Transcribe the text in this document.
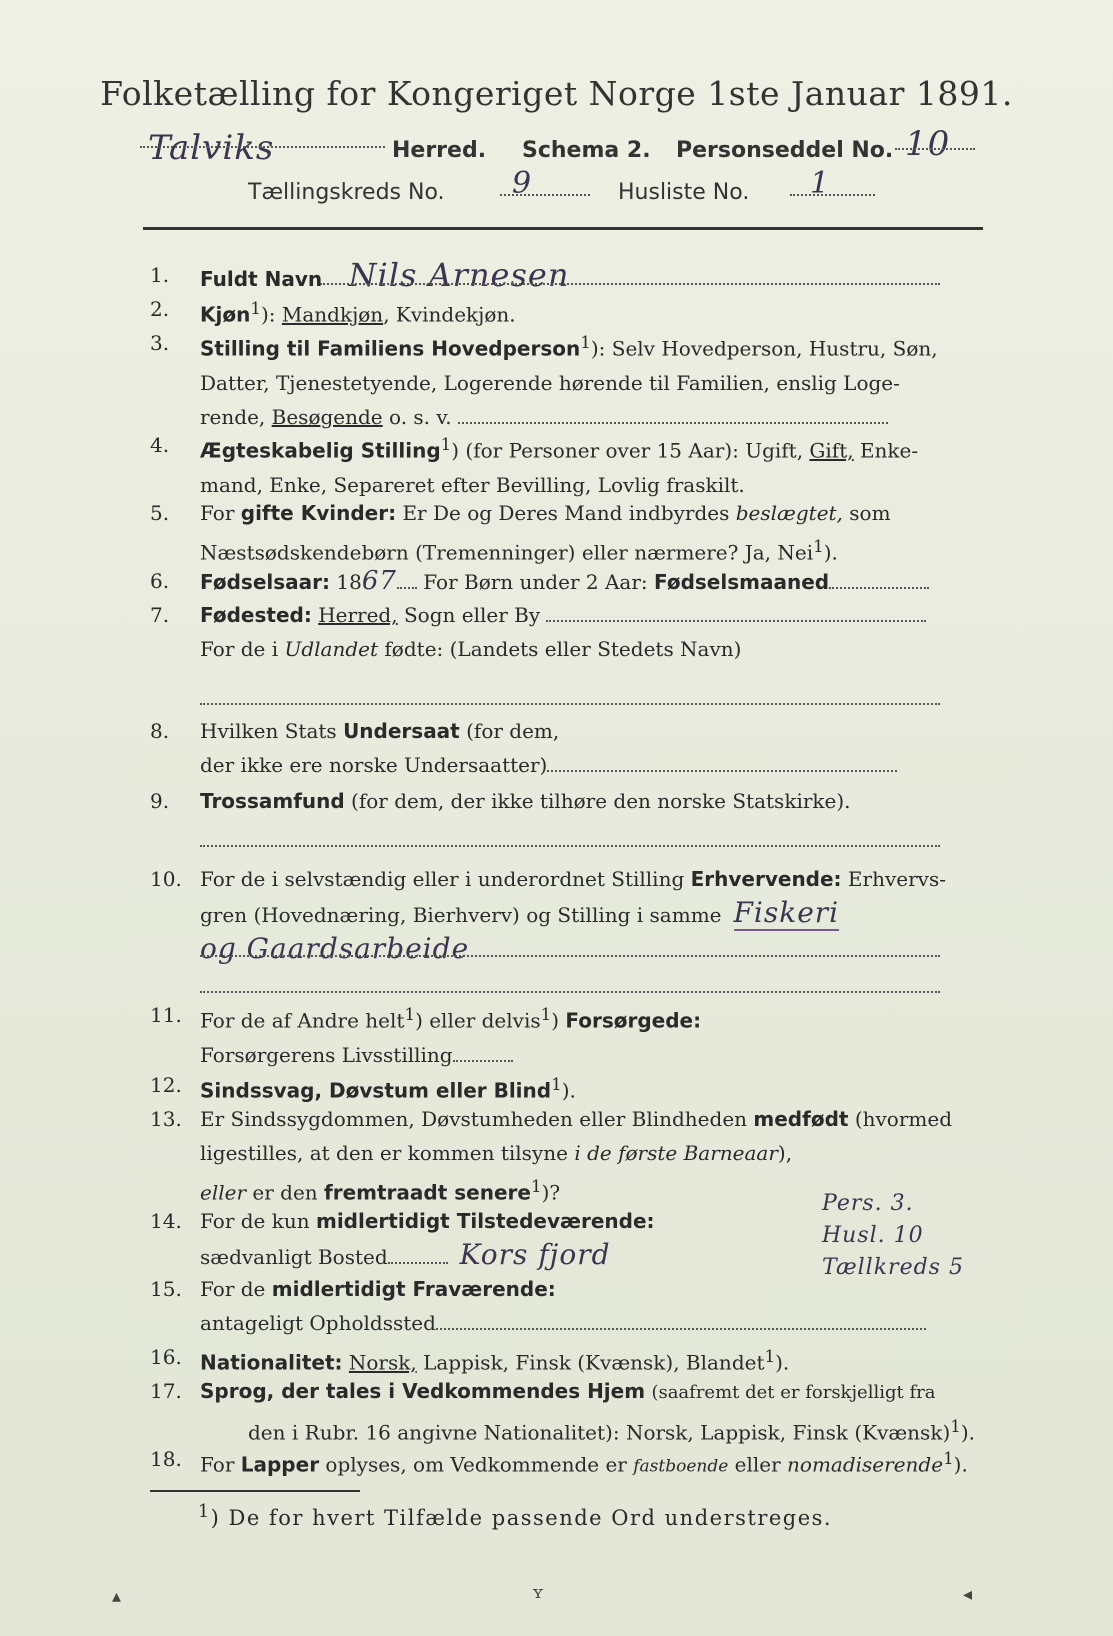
Folketælling for Kongeriget Norge 1ste Januar 1891.
Talviks	Herred. Schema 2. Personseddel No. 10
Tællingskreds No. 9	Husliste No. 1
1.	Fuldt Navn Nils Arnesen
2.	Kjøn$^1$): Mandkjøn, Kvindekjøn.
3.	Stilling til Familiens Hovedperson$^1$): Selv Hovedperson, Hustru, Søn,
Datter, Tjenestetyende, Logerende hørende til Familien, enslig Loge-
rende, Besøgende o. s. v.
4.	Ægteskabelig Stilling$^1$) (for Personer over 15 Aar): Ugift, Gift, Enke-
mand, Enke, Separeret efter Bevilling, Lovlig fraskilt.
5.	For gifte Kvinder: Er De og Deres Mand indbyrdes beslægtet, som
Næstsødskendebørn (Tremenninger) eller nærmere? Ja, Nei$^1$).
6.	Fødselsaar: 1867 For Børn under 2 Aar: Fødselsmaaned
7.	Fødested: Herred, Sogn eller By
For de i Udlandet fødte: (Landets eller Stedets Navn)
8.	Hvilken Stats Undersaat (for dem,
der ikke ere norske Undersaatter)
9.	Trossamfund (for dem, der ikke tilhøre den norske Statskirke).
10. For de i selvstændig eller i underordnet Stilling Erhvervende: Erhvervs-
gren (Hovednæring, Bierhverv) og Stilling i samme Fiskeri
og Gaardsarbeide
11. For de af Andre helt$^1$) eller delvis$^1$) Forsørgede:
Forsørgerens Livsstilling
12. Sindssvag, Døvstum eller Blind$^1$).
13. Er Sindssygdommen, Døvstumheden eller Blindheden medfødt (hvormed
ligestilles, at den er kommen tilsyne i de første Barneaar),
eller er den fremtraadt senere$^1$)?
14. For de kun midlertidigt Tilstedeværende:
sædvanligt Bosted	Kors fjord
Pers. 3.
Husl. 10
Tællkreds 5
15. For de midlertidigt Fraværende:
antageligt Opholdssted
16. Nationalitet: Norsk, Lappisk, Finsk (Kvænsk), Blandet$^1$).
17. Sprog, der tales i Vedkommendes Hjem (saafremt det er forskjelligt fra
den i Rubr. 16 angivne Nationalitet): Norsk, Lappisk, Finsk (Kvænsk)$^1$).
18. For Lapper oplyses, om Vedkommende er fastboende eller nomadiserende$^1$).
$^1$) De for hvert Tilfælde passende Ord understreges.
▴	ʏ	◂
